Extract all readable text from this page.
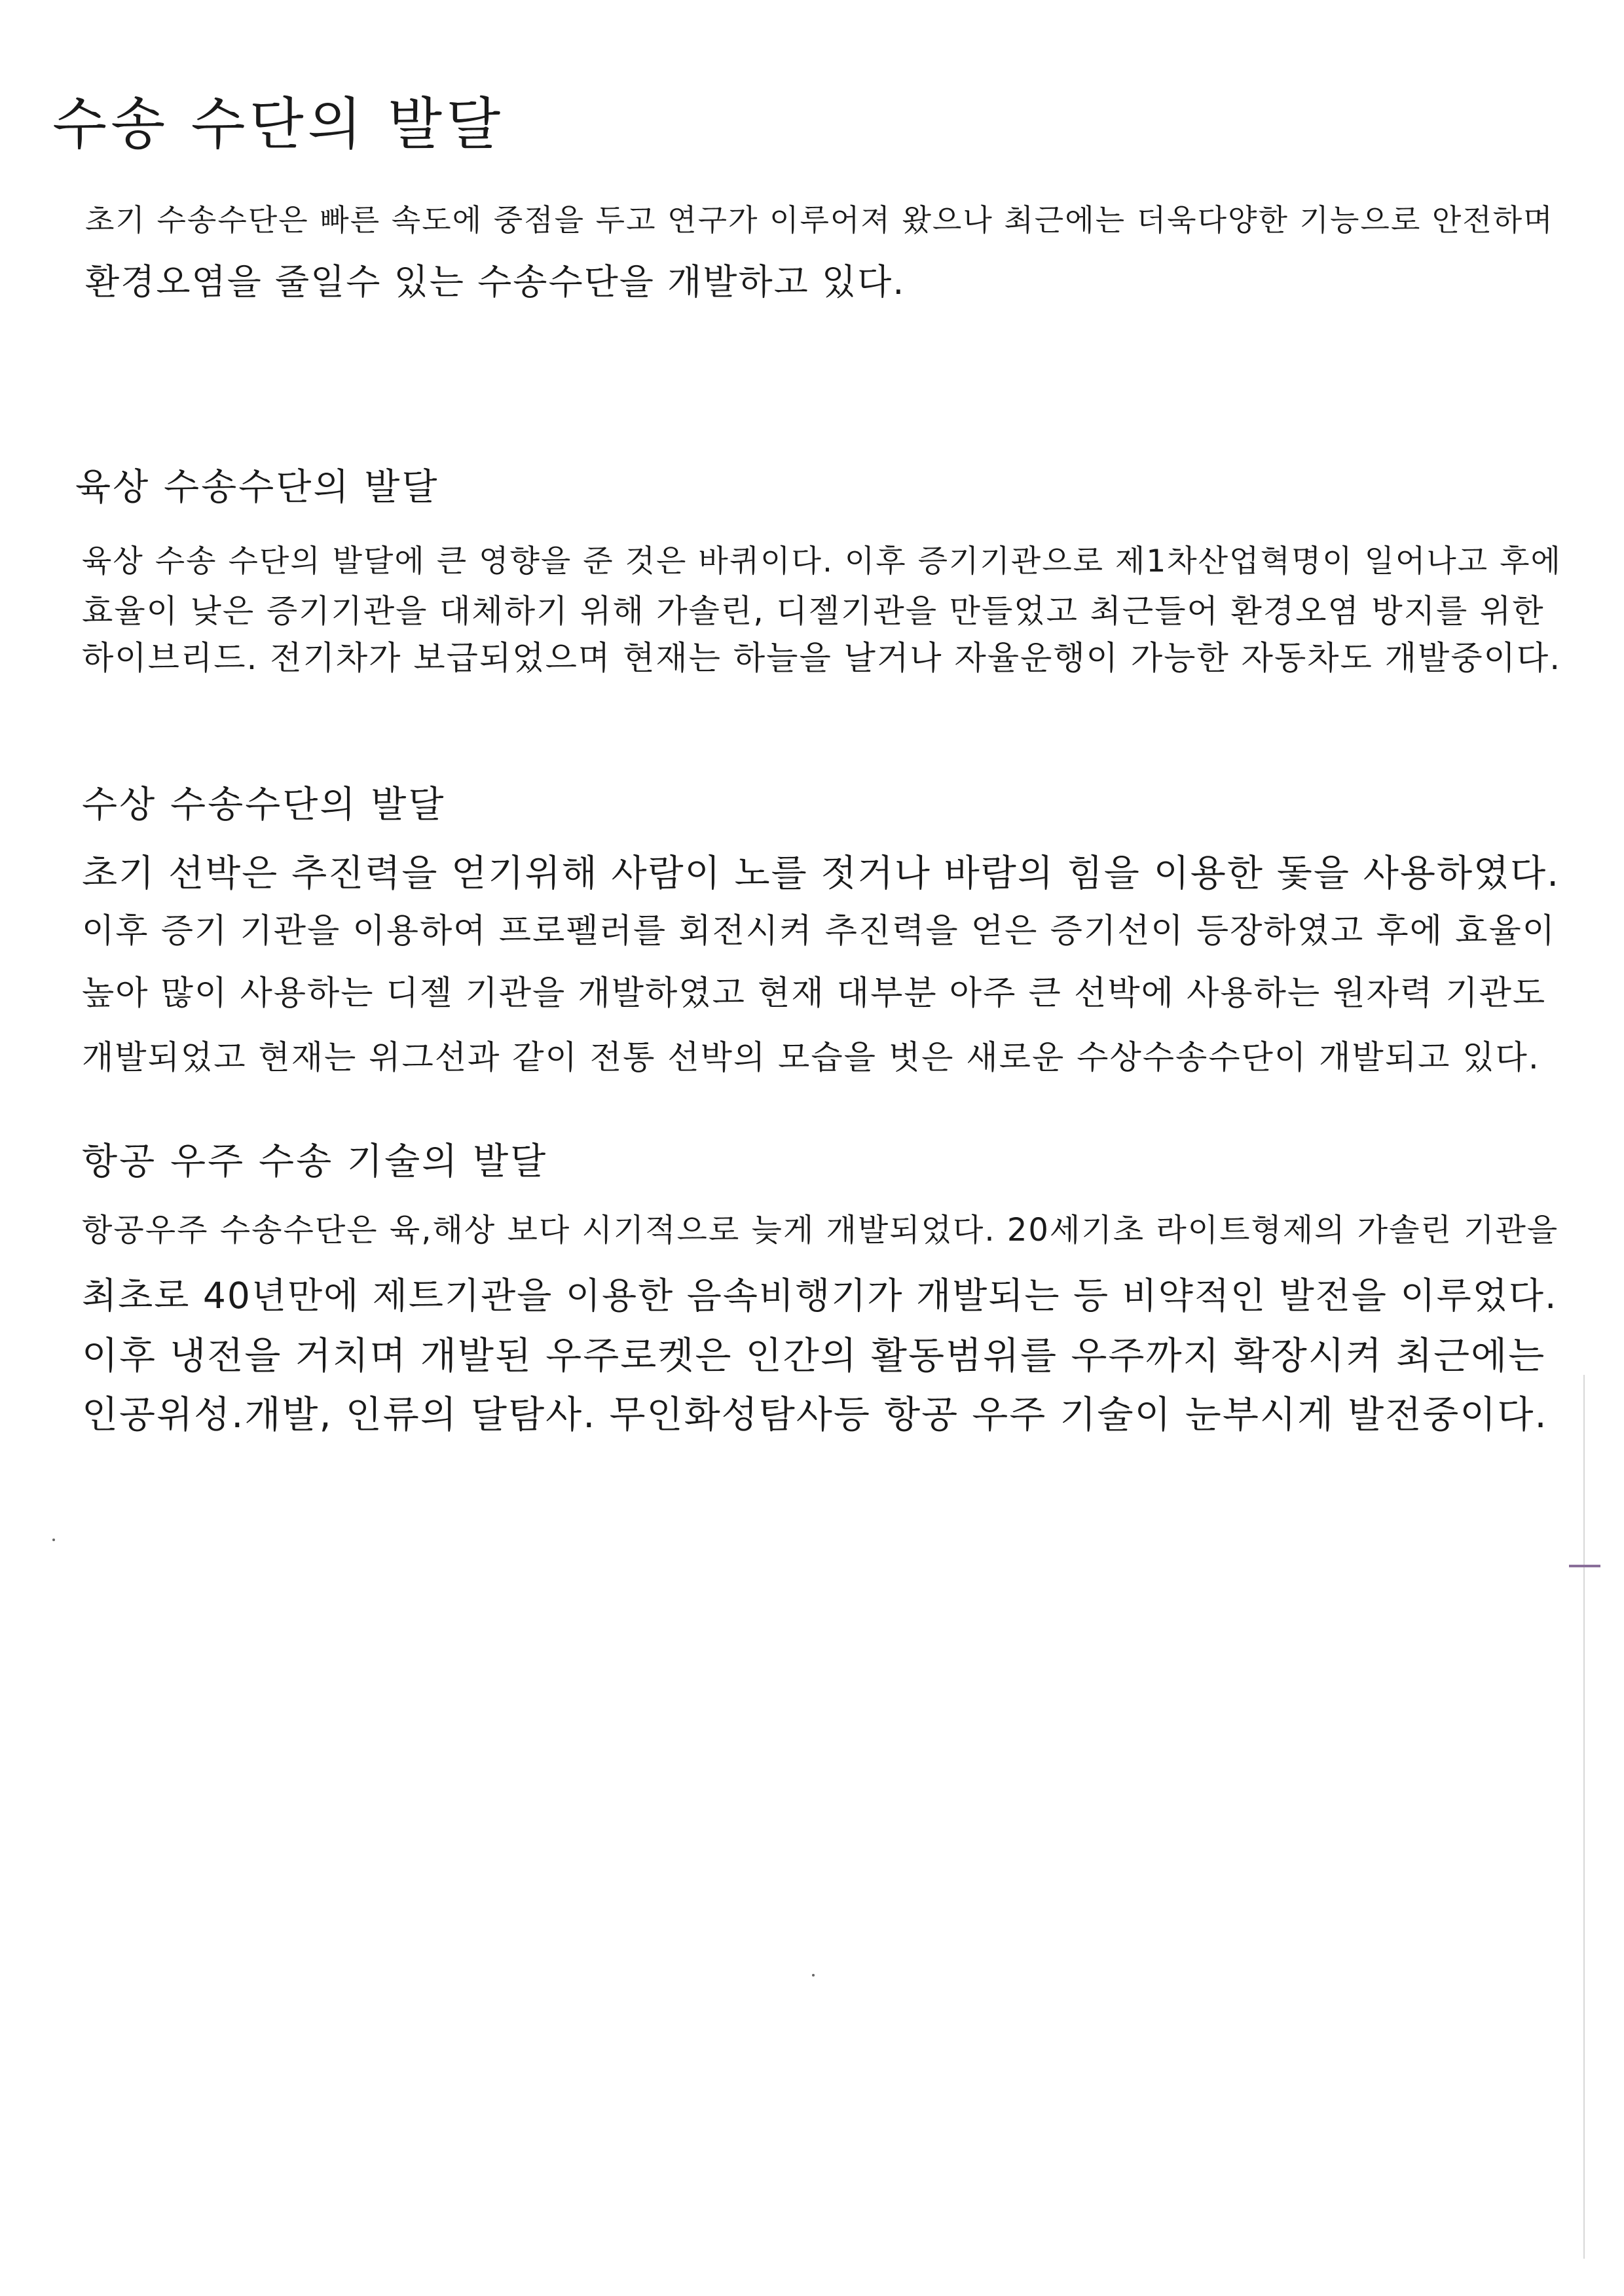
수송 수단의 발달
초기 수송수단은 빠른 속도에 중점을 두고 연구가 이루어져 왔으나 최근에는 더욱다양한 기능으로 안전하며
환경오염을 줄일수 있는 수송수단을 개발하고 있다.
육상 수송수단의 발달
육상 수송 수단의 발달에 큰 영향을 준 것은 바퀴이다. 이후 증기기관으로 제1차산업혁명이 일어나고 후에
효율이 낮은 증기기관을 대체하기 위해 가솔린, 디젤기관을 만들었고 최근들어 환경오염 방지를 위한
하이브리드. 전기차가 보급되었으며 현재는 하늘을 날거나 자율운행이 가능한 자동차도 개발중이다.
수상 수송수단의 발달
초기 선박은 추진력을 얻기위해 사람이 노를 젓거나 바람의 힘을 이용한 돛을 사용하였다.
이후 증기 기관을 이용하여 프로펠러를 회전시켜 추진력을 얻은 증기선이 등장하였고 후에 효율이
높아 많이 사용하는 디젤 기관을 개발하였고 현재 대부분 아주 큰 선박에 사용하는 원자력 기관도
개발되었고 현재는 위그선과 같이 전통 선박의 모습을 벗은 새로운 수상수송수단이 개발되고 있다.
항공 우주 수송 기술의 발달
항공우주 수송수단은 육,해상 보다 시기적으로 늦게 개발되었다. 20세기초 라이트형제의 가솔린 기관을
최초로 40년만에 제트기관을 이용한 음속비행기가 개발되는 등 비약적인 발전을 이루었다.
이후 냉전을 거치며 개발된 우주로켓은 인간의 활동범위를 우주까지 확장시켜 최근에는
인공위성.개발, 인류의 달탐사. 무인화성탐사등 항공 우주 기술이 눈부시게 발전중이다.
